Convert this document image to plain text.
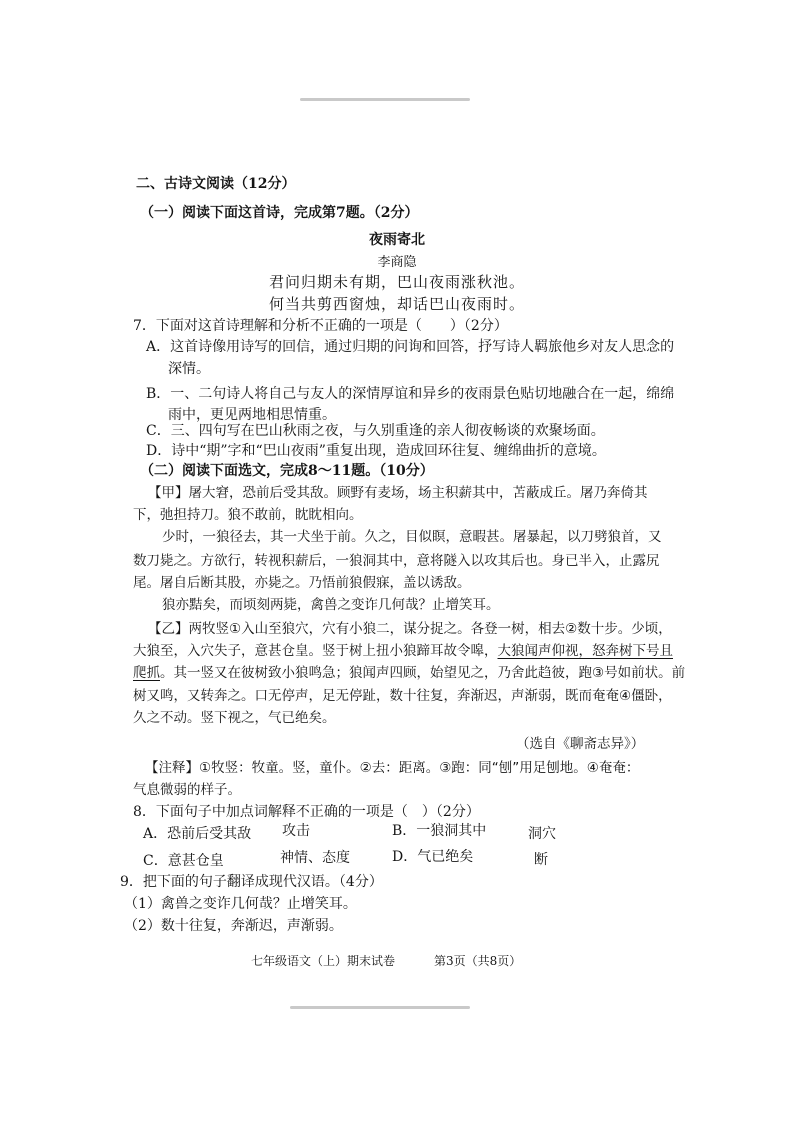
二、古诗文阅读（12分）
（一）阅读下面这首诗，完成第7题。（2分）
夜雨寄北
李商隐
君问归期未有期，巴山夜雨涨秋池。
何当共剪西窗烛，却话巴山夜雨时。
7．下面对这首诗理解和分析不正确的一项是（　　）（2分）
A．这首诗像用诗写的回信，通过归期的问询和回答，抒写诗人羁旅他乡对友人思念的
深情。
B．一、二句诗人将自己与友人的深情厚谊和异乡的夜雨景色贴切地融合在一起，绵绵
雨中，更见两地相思情重。
C．三、四句写在巴山秋雨之夜，与久别重逢的亲人彻夜畅谈的欢聚场面。
D．诗中“期”字和“巴山夜雨”重复出现，造成回环往复、缠绵曲折的意境。
（二）阅读下面选文，完成8～11题。（10分）
【甲】屠大窘，恐前后受其敌。顾野有麦场，场主积薪其中，苫蔽成丘。屠乃奔倚其
下，弛担持刀。狼不敢前，眈眈相向。
少时，一狼径去，其一犬坐于前。久之，目似瞑，意暇甚。屠暴起，以刀劈狼首，又
数刀毙之。方欲行，转视积薪后，一狼洞其中，意将隧入以攻其后也。身已半入，止露尻
尾。屠自后断其股，亦毙之。乃悟前狼假寐，盖以诱敌。
狼亦黠矣，而顷刻两毙，禽兽之变诈几何哉？止增笑耳。
【乙】两牧竖①入山至狼穴，穴有小狼二，谋分捉之。各登一树，相去②数十步。少顷，
大狼至，入穴失子，意甚仓皇。竖于树上扭小狼蹄耳故令嗥，大狼闻声仰视，怒奔树下号且
爬抓。其一竖又在彼树致小狼鸣急；狼闻声四顾，始望见之，乃舍此趋彼，跑③号如前状。前
树又鸣，又转奔之。口无停声，足无停趾，数十往复，奔渐迟，声渐弱，既而奄奄④僵卧，
久之不动。竖下视之，气已绝矣。
（选自《聊斋志异》）
【注释】①牧竖：牧童。竖，童仆。②去：距离。③跑：同“刨”用足刨地。④奄奄：
气息微弱的样子。
8．下面句子中加点词解释不正确的一项是（　）（2分）
A．恐前后受其敌 攻击	B．一狼洞其中	洞穴
C．意甚仓皇	神情、态度	D．气已绝矣	断
9．把下面的句子翻译成现代汉语。（4分）
（1）禽兽之变诈几何哉？止增笑耳。
（2）数十往复，奔渐迟，声渐弱。
七年级语文（上）期末试卷	第3页（共8页）
